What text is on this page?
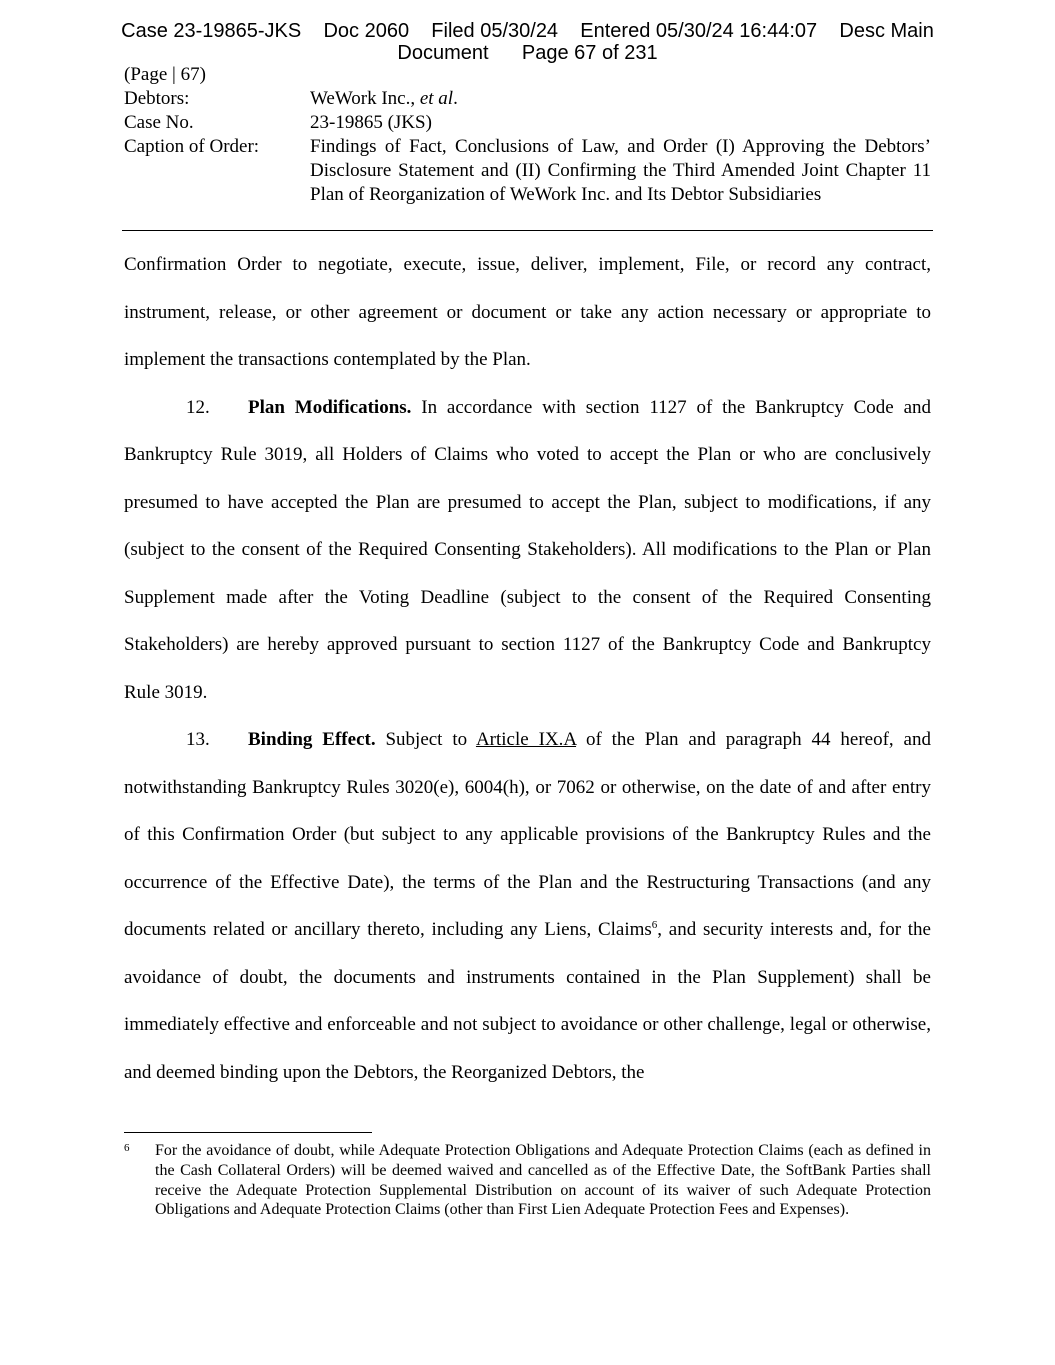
Case 23-19865-JKS    Doc 2060    Filed 05/30/24    Entered 05/30/24 16:44:07    Desc Main
Document      Page 67 of 231
(Page | 67)
Debtors:	WeWork Inc., et al.
Case No.	23-19865 (JKS)
Caption of Order:	Findings of Fact, Conclusions of Law, and Order (I) Approving the Debtors’ Disclosure Statement and (II) Confirming the Third Amended Joint Chapter 11 Plan of Reorganization of WeWork Inc. and Its Debtor Subsidiaries

Confirmation Order to negotiate, execute, issue, deliver, implement, File, or record any contract, instrument, release, or other agreement or document or take any action necessary or appropriate to implement the transactions contemplated by the Plan.

12. Plan Modifications. In accordance with section 1127 of the Bankruptcy Code and Bankruptcy Rule 3019, all Holders of Claims who voted to accept the Plan or who are conclusively presumed to have accepted the Plan are presumed to accept the Plan, subject to modifications, if any (subject to the consent of the Required Consenting Stakeholders). All modifications to the Plan or Plan Supplement made after the Voting Deadline (subject to the consent of the Required Consenting Stakeholders) are hereby approved pursuant to section 1127 of the Bankruptcy Code and Bankruptcy Rule 3019.

13. Binding Effect. Subject to Article IX.A of the Plan and paragraph 44 hereof, and notwithstanding Bankruptcy Rules 3020(e), 6004(h), or 7062 or otherwise, on the date of and after entry of this Confirmation Order (but subject to any applicable provisions of the Bankruptcy Rules and the occurrence of the Effective Date), the terms of the Plan and the Restructuring Transactions (and any documents related or ancillary thereto, including any Liens, Claims$^6$, and security interests and, for the avoidance of doubt, the documents and instruments contained in the Plan Supplement) shall be immediately effective and enforceable and not subject to avoidance or other challenge, legal or otherwise, and deemed binding upon the Debtors, the Reorganized Debtors, the

6	For the avoidance of doubt, while Adequate Protection Obligations and Adequate Protection Claims (each as defined in the Cash Collateral Orders) will be deemed waived and cancelled as of the Effective Date, the SoftBank Parties shall receive the Adequate Protection Supplemental Distribution on account of its waiver of such Adequate Protection Obligations and Adequate Protection Claims (other than First Lien Adequate Protection Fees and Expenses).
